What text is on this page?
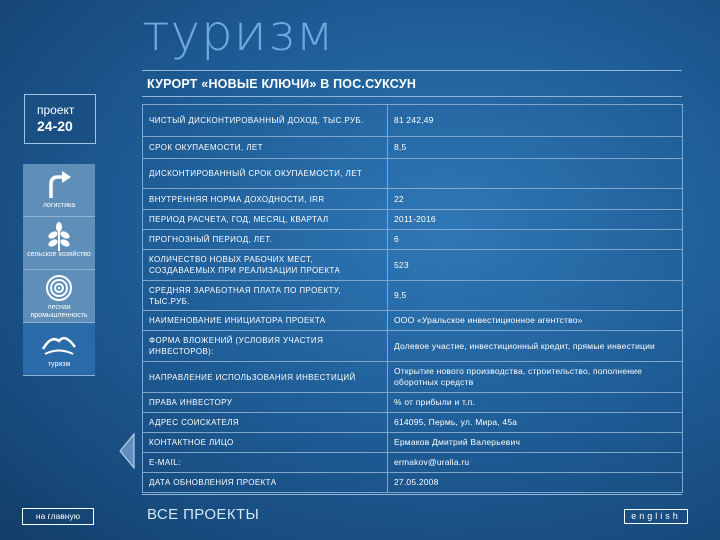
туризм
КУРОРТ «НОВЫЕ КЛЮЧИ» В ПОС.СУКСУН
проект
24-20
логистика
сельское хозяйство
лесная промышленность
туризм
ЧИСТЫЙ ДИСКОНТИРОВАННЫЙ ДОХОД, ТЫС.РУБ.	81 242,49
СРОК ОКУПАЕМОСТИ, ЛЕТ	8,5
ДИСКОНТИРОВАННЫЙ СРОК ОКУПАЕМОСТИ, ЛЕТ	
ВНУТРЕННЯЯ НОРМА ДОХОДНОСТИ, IRR	22
ПЕРИОД РАСЧЕТА, ГОД, МЕСЯЦ, КВАРТАЛ	2011-2016
ПРОГНОЗНЫЙ ПЕРИОД, ЛЕТ.	6
КОЛИЧЕСТВО НОВЫХ РАБОЧИХ МЕСТ, СОЗДАВАЕМЫХ ПРИ РЕАЛИЗАЦИИ ПРОЕКТА	523
СРЕДНЯЯ ЗАРАБОТНАЯ ПЛАТА ПО ПРОЕКТУ, ТЫС.РУБ.	9,5
НАИМЕНОВАНИЕ ИНИЦИАТОРА ПРОЕКТА	ООО «Уральское инвестиционное агентство»
ФОРМА ВЛОЖЕНИЙ (УСЛОВИЯ УЧАСТИЯ ИНВЕСТОРОВ):	Долевое участие, инвестиционный кредит, прямые инвестиции
НАПРАВЛЕНИЕ ИСПОЛЬЗОВАНИЯ ИНВЕСТИЦИЙ	Открытие нового производства, строительство, пополнение оборотных средств
ПРАВА ИНВЕСТОРУ	% от прибыли и т.п.
АДРЕС СОИСКАТЕЛЯ	614095, Пермь, ул. Мира, 45а
КОНТАКТНОЕ ЛИЦО	Ермаков Дмитрий Валерьевич
E-MAIL:	ermakov@uralia.ru
ДАТА ОБНОВЛЕНИЯ ПРОЕКТА	27.05.2008
на главную	ВСЕ ПРОЕКТЫ	english
